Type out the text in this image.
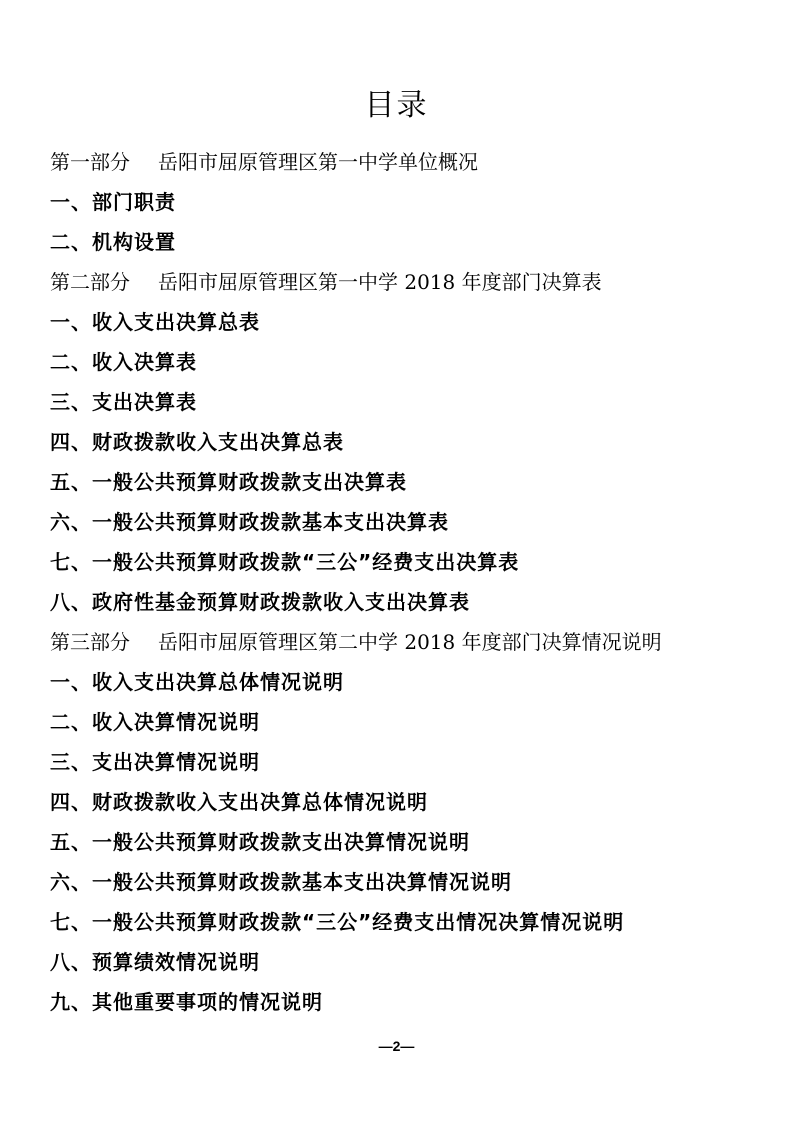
目录
第一部分 岳阳市屈原管理区第一中学单位概况
一、部门职责
二、机构设置
第二部分 岳阳市屈原管理区第一中学 2018 年度部门决算表
一、收入支出决算总表
二、收入决算表
三、支出决算表
四、财政拨款收入支出决算总表
五、一般公共预算财政拨款支出决算表
六、一般公共预算财政拨款基本支出决算表
七、一般公共预算财政拨款“三公”经费支出决算表
八、政府性基金预算财政拨款收入支出决算表
第三部分 岳阳市屈原管理区第二中学 2018 年度部门决算情况说明
一、收入支出决算总体情况说明
二、收入决算情况说明
三、支出决算情况说明
四、财政拨款收入支出决算总体情况说明
五、一般公共预算财政拨款支出决算情况说明
六、一般公共预算财政拨款基本支出决算情况说明
七、一般公共预算财政拨款“三公”经费支出情况决算情况说明
八、预算绩效情况说明
九、其他重要事项的情况说明
—2—
